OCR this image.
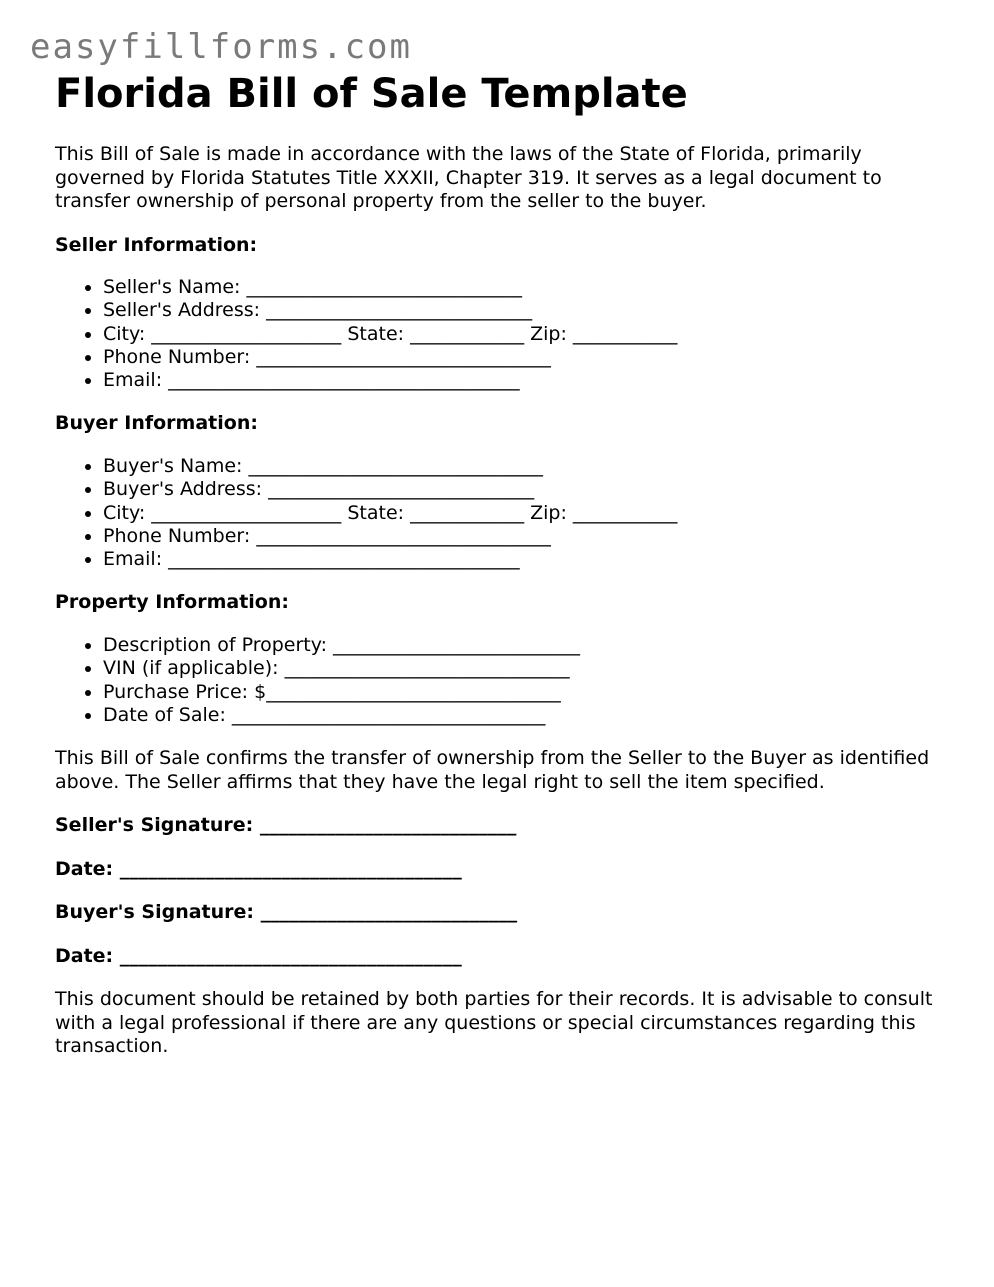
easyfillforms.com
Florida Bill of Sale Template

This Bill of Sale is made in accordance with the laws of the State of Florida, primarily governed by Florida Statutes Title XXXII, Chapter 319. It serves as a legal document to transfer ownership of personal property from the seller to the buyer.

Seller Information:

• Seller's Name: _____________________________
• Seller's Address: ____________________________
• City: ____________________ State: ____________ Zip: ___________
• Phone Number: _______________________________
• Email: _____________________________________

Buyer Information:

• Buyer's Name: _______________________________
• Buyer's Address: ____________________________
• City: ____________________ State: ____________ Zip: ___________
• Phone Number: _______________________________
• Email: _____________________________________

Property Information:

• Description of Property: __________________________
• VIN (if applicable): ______________________________
• Purchase Price: $_______________________________
• Date of Sale: _________________________________

This Bill of Sale confirms the transfer of ownership from the Seller to the Buyer as identified above. The Seller affirms that they have the legal right to sell the item specified.

Seller's Signature: ___________________________

Date: ____________________________________

Buyer's Signature: ___________________________

Date: ____________________________________

This document should be retained by both parties for their records. It is advisable to consult with a legal professional if there are any questions or special circumstances regarding this transaction.
